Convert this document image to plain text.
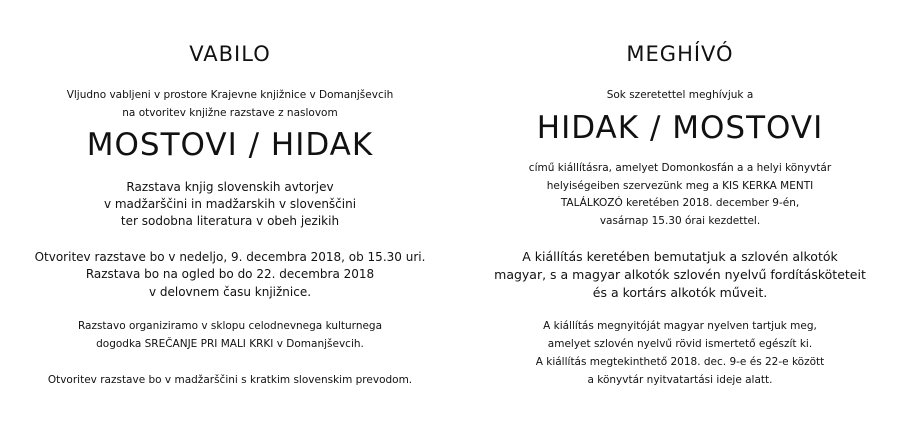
VABILO
Vljudno vabljeni v prostore Krajevne knjižnice v Domanjševcih
na otvoritev knjižne razstave z naslovom
MOSTOVI / HIDAK
Razstava knjig slovenskih avtorjev
v madžarščini in madžarskih v slovenščini
ter sodobna literatura v obeh jezikih
Otvoritev razstave bo v nedeljo, 9. decembra 2018, ob 15.30 uri.
Razstava bo na ogled bo do 22. decembra 2018
v delovnem času knjižnice.
Razstavo organiziramo v sklopu celodnevnega kulturnega
dogodka SREČANJE PRI MALI KRKI v Domanjševcih.
Otvoritev razstave bo v madžarščini s kratkim slovenskim prevodom.
MEGHÍVÓ
Sok szeretettel meghívjuk a
HIDAK / MOSTOVI
című kiállításra, amelyet Domonkosfán a a helyi könyvtár
helyiségeiben szervezünk meg a KIS KERKA MENTI
TALÁLKOZÓ keretében 2018. december 9-én,
vasárnap 15.30 órai kezdettel.
A kiállítás keretében bemutatjuk a szlovén alkotók
magyar, s a magyar alkotók szlovén nyelvű fordításköteteit
és a kortárs alkotók műveit.
A kiállítás megnyitóját magyar nyelven tartjuk meg,
amelyet szlovén nyelvű rövid ismertető egészít ki.
A kiállítás megtekinthető 2018. dec. 9-e és 22-e között
a könyvtár nyitvatartási ideje alatt.
